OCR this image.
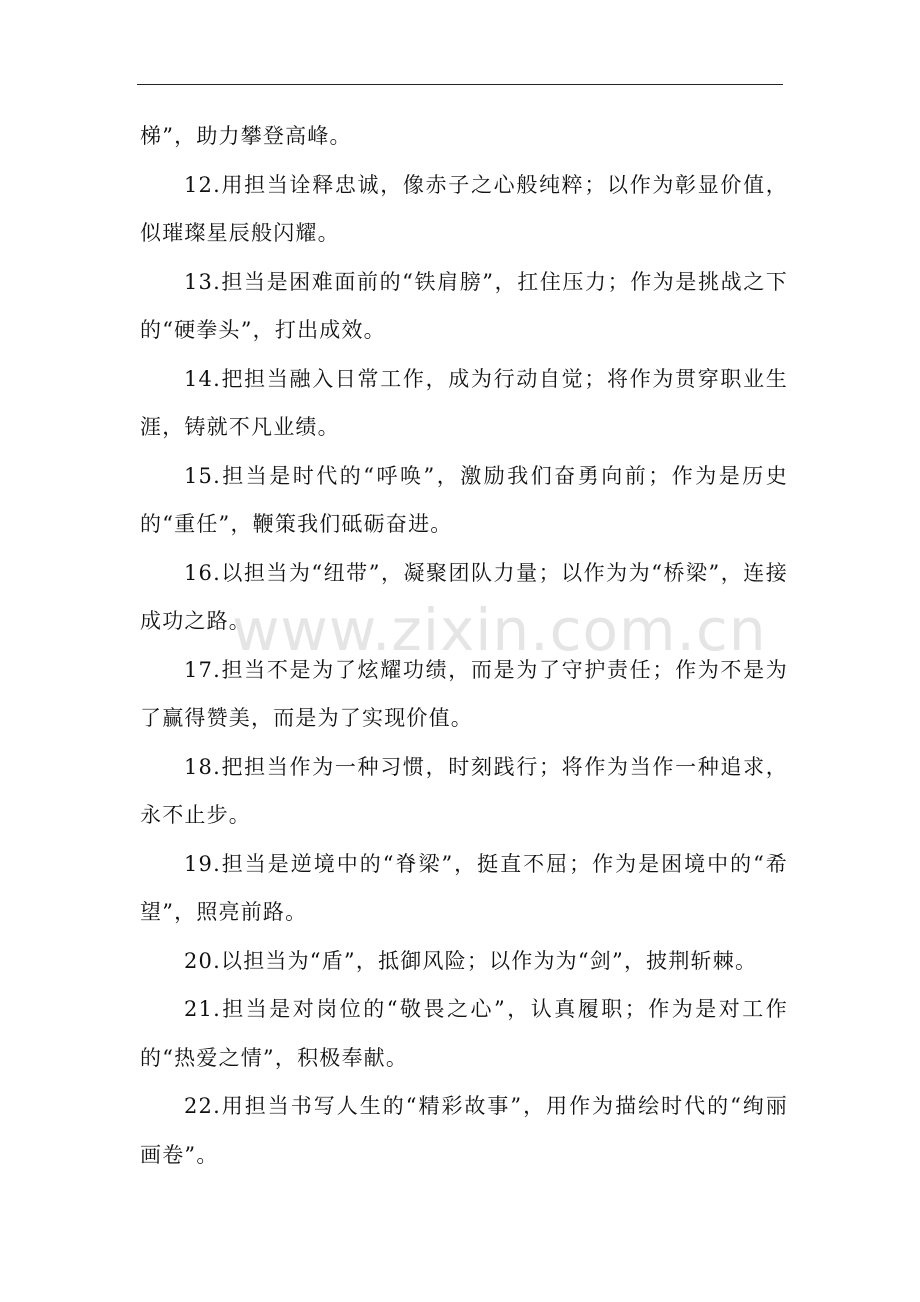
梯”，助力攀登高峰。

12.用担当诠释忠诚，像赤子之心般纯粹；以作为彰显价值，似璀璨星辰般闪耀。

13.担当是困难面前的“铁肩膀”，扛住压力；作为是挑战之下的“硬拳头”，打出成效。

14.把担当融入日常工作，成为行动自觉；将作为贯穿职业生涯，铸就不凡业绩。

15.担当是时代的“呼唤”，激励我们奋勇向前；作为是历史的“重任”，鞭策我们砥砺奋进。

16.以担当为“纽带”，凝聚团队力量；以作为为“桥梁”，连接成功之路。

17.担当不是为了炫耀功绩，而是为了守护责任；作为不是为了赢得赞美，而是为了实现价值。

18.把担当作为一种习惯，时刻践行；将作为当作一种追求，永不止步。

19.担当是逆境中的“脊梁”，挺直不屈；作为是困境中的“希望”，照亮前路。

20.以担当为“盾”，抵御风险；以作为为“剑”，披荆斩棘。

21.担当是对岗位的“敬畏之心”，认真履职；作为是对工作的“热爱之情”，积极奉献。

22.用担当书写人生的“精彩故事”，用作为描绘时代的“绚丽画卷”。

www.zixin.com.cn
